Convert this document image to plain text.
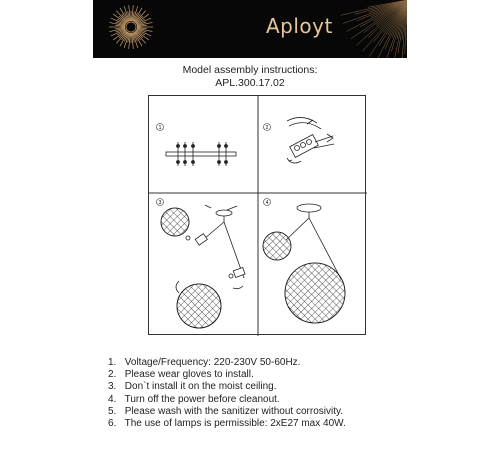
Aployt
Model assembly instructions:
APL.300.17.02
1	2
3	4
1. Voltage/Frequency: 220-230V 50-60Hz.
2. Please wear gloves to install.
3. Don`t install it on the moist ceiling.
4. Turn off the power before cleanout.
5. Please wash with the sanitizer without corrosivity.
6. The use of lamps is permissible: 2xE27 max 40W.
